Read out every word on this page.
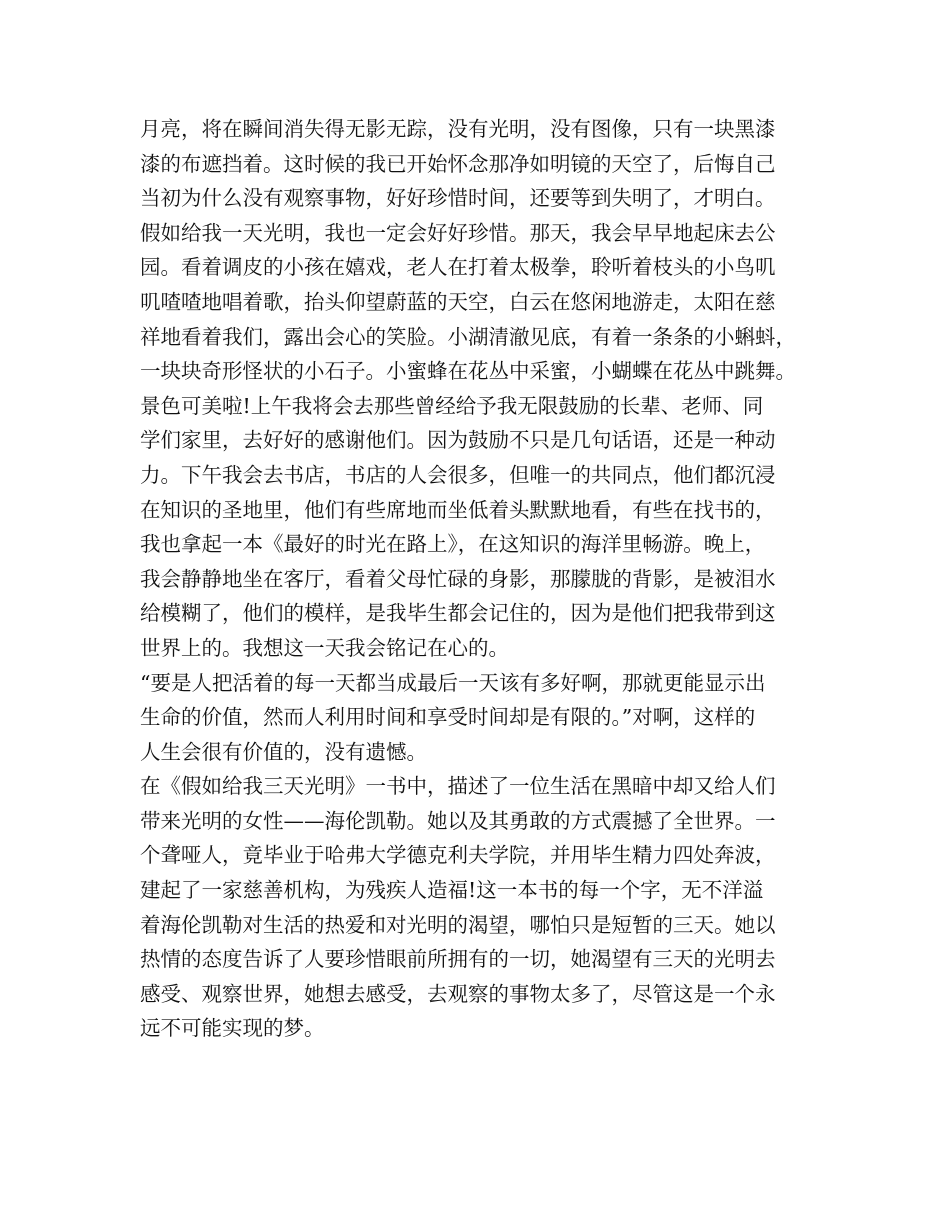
月亮，将在瞬间消失得无影无踪，没有光明，没有图像，只有一块黑漆
漆的布遮挡着。这时候的我已开始怀念那净如明镜的天空了，后悔自己
当初为什么没有观察事物，好好珍惜时间，还要等到失明了，才明白。
假如给我一天光明，我也一定会好好珍惜。那天，我会早早地起床去公
园。看着调皮的小孩在嬉戏，老人在打着太极拳，聆听着枝头的小鸟叽
叽喳喳地唱着歌，抬头仰望蔚蓝的天空，白云在悠闲地游走，太阳在慈
祥地看着我们，露出会心的笑脸。小湖清澈见底，有着一条条的小蝌蚪，
一块块奇形怪状的小石子。小蜜蜂在花丛中采蜜，小蝴蝶在花丛中跳舞。
景色可美啦!上午我将会去那些曾经给予我无限鼓励的长辈、老师、同
学们家里，去好好的感谢他们。因为鼓励不只是几句话语，还是一种动
力。下午我会去书店，书店的人会很多，但唯一的共同点，他们都沉浸
在知识的圣地里，他们有些席地而坐低着头默默地看，有些在找书的，
我也拿起一本《最好的时光在路上》，在这知识的海洋里畅游。晚上，
我会静静地坐在客厅，看着父母忙碌的身影，那朦胧的背影，是被泪水
给模糊了，他们的模样，是我毕生都会记住的，因为是他们把我带到这
世界上的。我想这一天我会铭记在心的。
“要是人把活着的每一天都当成最后一天该有多好啊，那就更能显示出
生命的价值，然而人利用时间和享受时间却是有限的。”对啊，这样的
人生会很有价值的，没有遗憾。
在《假如给我三天光明》一书中，描述了一位生活在黑暗中却又给人们
带来光明的女性——海伦凯勒。她以及其勇敢的方式震撼了全世界。一
个聋哑人，竟毕业于哈弗大学德克利夫学院，并用毕生精力四处奔波，
建起了一家慈善机构，为残疾人造福!这一本书的每一个字，无不洋溢
着海伦凯勒对生活的热爱和对光明的渴望，哪怕只是短暂的三天。她以
热情的态度告诉了人要珍惜眼前所拥有的一切，她渴望有三天的光明去
感受、观察世界，她想去感受，去观察的事物太多了，尽管这是一个永
远不可能实现的梦。
